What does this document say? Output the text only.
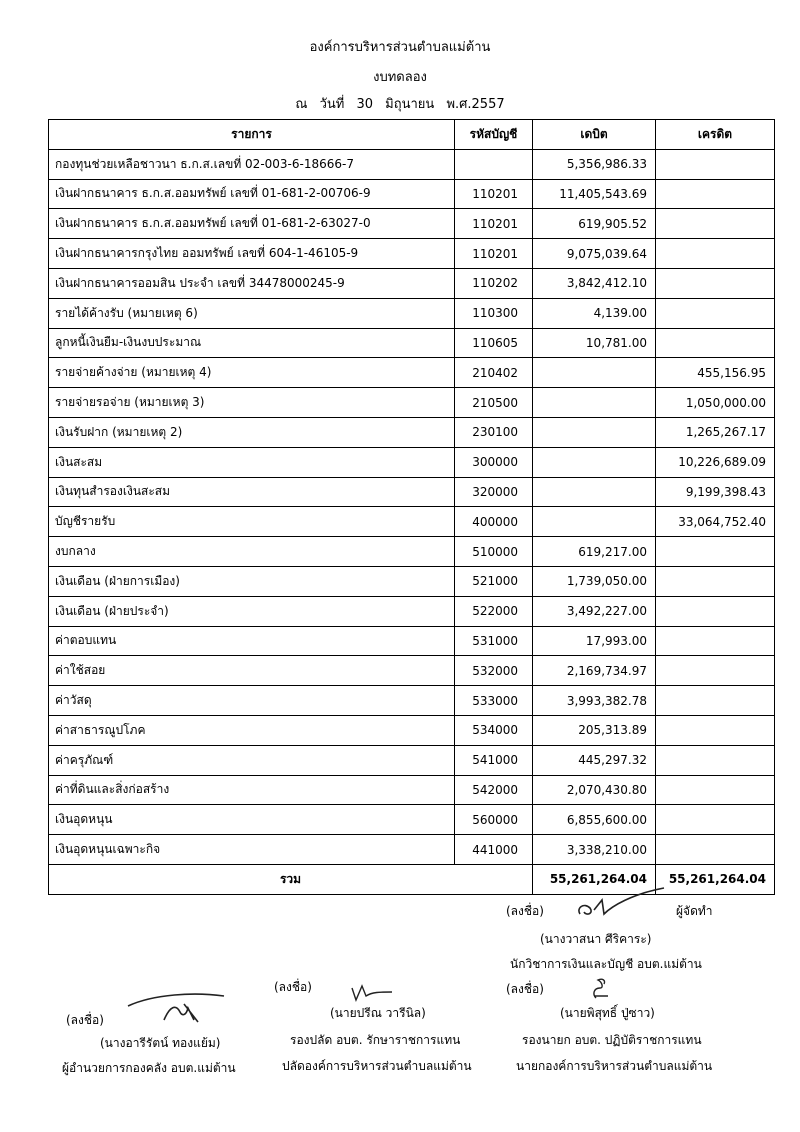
องค์การบริหารส่วนตำบลแม่ต้าน
งบทดลอง
ณ วันที่ 30 มิถุนายน พ.ศ.2557
รายการ	รหัสบัญชี	เดบิต	เครดิต
กองทุนช่วยเหลือชาวนา ธ.ก.ส.เลขที่ 02-003-6-18666-7		5,356,986.33	
เงินฝากธนาคาร ธ.ก.ส.ออมทรัพย์ เลขที่ 01-681-2-00706-9	110201	11,405,543.69	
เงินฝากธนาคาร ธ.ก.ส.ออมทรัพย์ เลขที่ 01-681-2-63027-0	110201	619,905.52	
เงินฝากธนาคารกรุงไทย ออมทรัพย์ เลขที่ 604-1-46105-9	110201	9,075,039.64	
เงินฝากธนาคารออมสิน ประจำ เลขที่ 34478000245-9	110202	3,842,412.10	
รายได้ค้างรับ (หมายเหตุ 6)	110300	4,139.00	
ลูกหนี้เงินยืม-เงินงบประมาณ	110605	10,781.00	
รายจ่ายค้างจ่าย (หมายเหตุ 4)	210402		455,156.95
รายจ่ายรอจ่าย (หมายเหตุ 3)	210500		1,050,000.00
เงินรับฝาก (หมายเหตุ 2)	230100		1,265,267.17
เงินสะสม	300000		10,226,689.09
เงินทุนสำรองเงินสะสม	320000		9,199,398.43
บัญชีรายรับ	400000		33,064,752.40
งบกลาง	510000	619,217.00	
เงินเดือน (ฝ่ายการเมือง)	521000	1,739,050.00	
เงินเดือน (ฝ่ายประจำ)	522000	3,492,227.00	
ค่าตอบแทน	531000	17,993.00	
ค่าใช้สอย	532000	2,169,734.97	
ค่าวัสดุ	533000	3,993,382.78	
ค่าสาธารณูปโภค	534000	205,313.89	
ค่าครุภัณฑ์	541000	445,297.32	
ค่าที่ดินและสิ่งก่อสร้าง	542000	2,070,430.80	
เงินอุดหนุน	560000	6,855,600.00	
เงินอุดหนุนเฉพาะกิจ	441000	3,338,210.00	
รวม		55,261,264.04	55,261,264.04
(ลงชื่อ)	ผู้จัดทำ
(นางวาสนา ศีริคาระ)
นักวิชาการเงินและบัญชี อบต.แม่ต้าน
(ลงชื่อ)
(นายพิสุทธิ์ ปู่ซาว)
รองนายก อบต. ปฏิบัติราชการแทน
นายกองค์การบริหารส่วนตำบลแม่ต้าน
(ลงชื่อ)
(นายปรีณ วารีนิล)
รองปลัด อบต. รักษาราชการแทน
ปลัดองค์การบริหารส่วนตำบลแม่ต้าน
(ลงชื่อ)
(นางอารีรัตน์ ทองแย้ม)
ผู้อำนวยการกองคลัง อบต.แม่ต้าน
